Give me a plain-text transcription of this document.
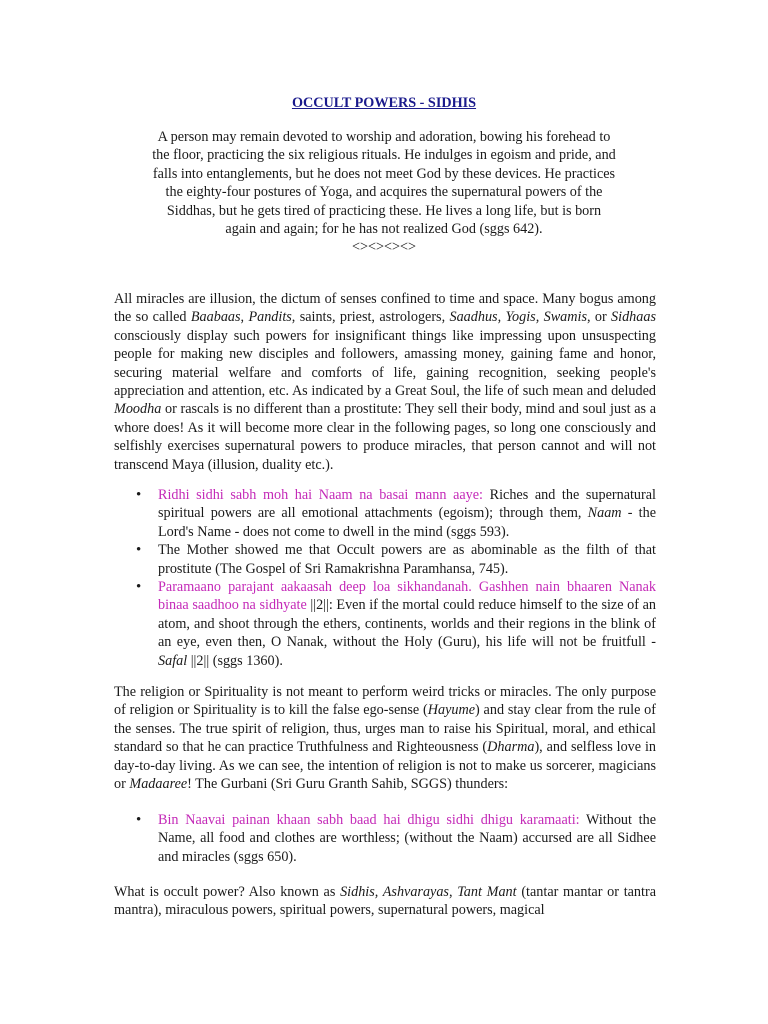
OCCULT POWERS - SIDHIS

A person may remain devoted to worship and adoration, bowing his forehead to the floor, practicing the six religious rituals. He indulges in egoism and pride, and falls into entanglements, but he does not meet God by these devices. He practices the eighty-four postures of Yoga, and acquires the supernatural powers of the Siddhas, but he gets tired of practicing these. He lives a long life, but is born again and again; for he has not realized God (sggs 642).
<><><><>

All miracles are illusion, the dictum of senses confined to time and space. Many bogus among the so called Baabaas, Pandits, saints, priest, astrologers, Saadhus, Yogis, Swamis, or Sidhaas consciously display such powers for insignificant things like impressing upon unsuspecting people for making new disciples and followers, amassing money, gaining fame and honor, securing material welfare and comforts of life, gaining recognition, seeking people's appreciation and attention, etc. As indicated by a Great Soul, the life of such mean and deluded Moodha or rascals is no different than a prostitute: They sell their body, mind and soul just as a whore does! As it will become more clear in the following pages, so long one consciously and selfishly exercises supernatural powers to produce miracles, that person cannot and will not transcend Maya (illusion, duality etc.).

• Ridhi sidhi sabh moh hai Naam na basai mann aaye: Riches and the supernatural spiritual powers are all emotional attachments (egoism); through them, Naam - the Lord's Name - does not come to dwell in the mind (sggs 593).
• The Mother showed me that Occult powers are as abominable as the filth of that prostitute (The Gospel of Sri Ramakrishna Paramhansa, 745).
• Paramaano parajant aakaasah deep loa sikhandanah. Gashhen nain bhaaren Nanak binaa saadhoo na sidhyate ||2||: Even if the mortal could reduce himself to the size of an atom, and shoot through the ethers, continents, worlds and their regions in the blink of an eye, even then, O Nanak, without the Holy (Guru), his life will not be fruitfull - Safal ||2|| (sggs 1360).

The religion or Spirituality is not meant to perform weird tricks or miracles. The only purpose of religion or Spirituality is to kill the false ego-sense (Hayume) and stay clear from the rule of the senses. The true spirit of religion, thus, urges man to raise his Spiritual, moral, and ethical standard so that he can practice Truthfulness and Righteousness (Dharma), and selfless love in day-to-day living. As we can see, the intention of religion is not to make us sorcerer, magicians or Madaaree! The Gurbani (Sri Guru Granth Sahib, SGGS) thunders:

• Bin Naavai painan khaan sabh baad hai dhigu sidhi dhigu karamaati: Without the Name, all food and clothes are worthless; (without the Naam) accursed are all Sidhee and miracles (sggs 650).

What is occult power? Also known as Sidhis, Ashvarayas, Tant Mant (tantar mantar or tantra mantra), miraculous powers, spiritual powers, supernatural powers, magical
